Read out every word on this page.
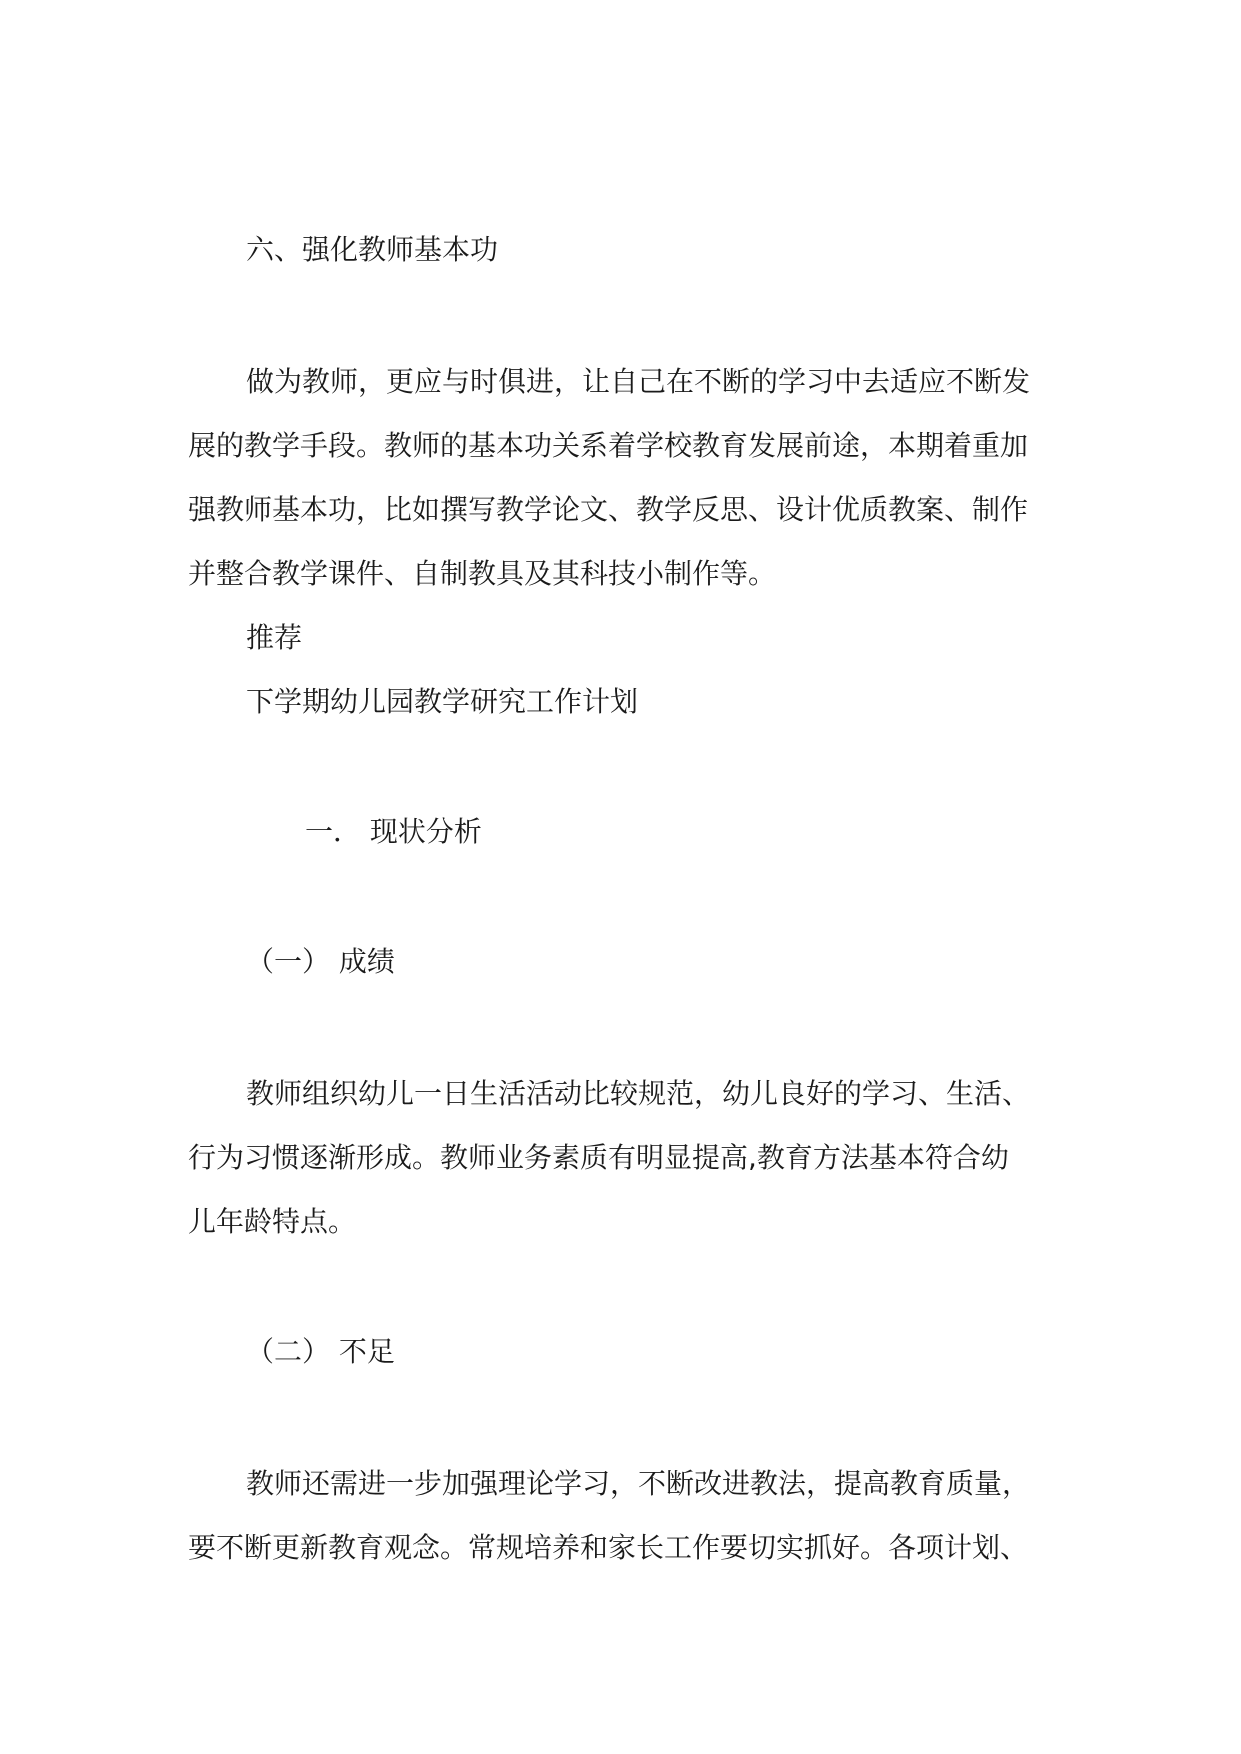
六、强化教师基本功
做为教师，更应与时俱进，让自己在不断的学习中去适应不断发
展的教学手段。教师的基本功关系着学校教育发展前途，本期着重加
强教师基本功，比如撰写教学论文、教学反思、设计优质教案、制作
并整合教学课件、自制教具及其科技小制作等。
推荐
下学期幼儿园教学研究工作计划
一． 现状分析
（一） 成绩
教师组织幼儿一日生活活动比较规范，幼儿良好的学习、生活、
行为习惯逐渐形成。教师业务素质有明显提高,教育方法基本符合幼
儿年龄特点。
（二） 不足
教师还需进一步加强理论学习，不断改进教法，提高教育质量，
要不断更新教育观念。常规培养和家长工作要切实抓好。各项计划、
